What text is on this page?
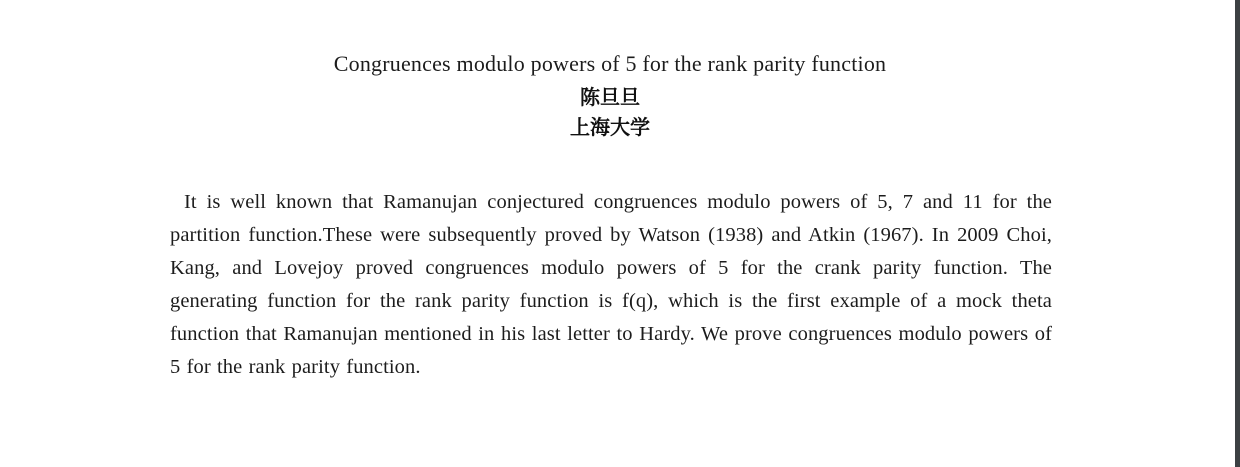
Congruences modulo powers of 5 for the rank parity function
陈旦旦
上海大学

It is well known that Ramanujan conjectured congruences modulo powers of 5, 7 and 11 for the partition function.These were subsequently proved by Watson (1938) and Atkin (1967). In 2009 Choi, Kang, and Lovejoy proved congruences modulo powers of 5 for the crank parity function. The generating function for the rank parity function is f(q), which is the first example of a mock theta function that Ramanujan mentioned in his last letter to Hardy. We prove congruences modulo powers of 5 for the rank parity function.
